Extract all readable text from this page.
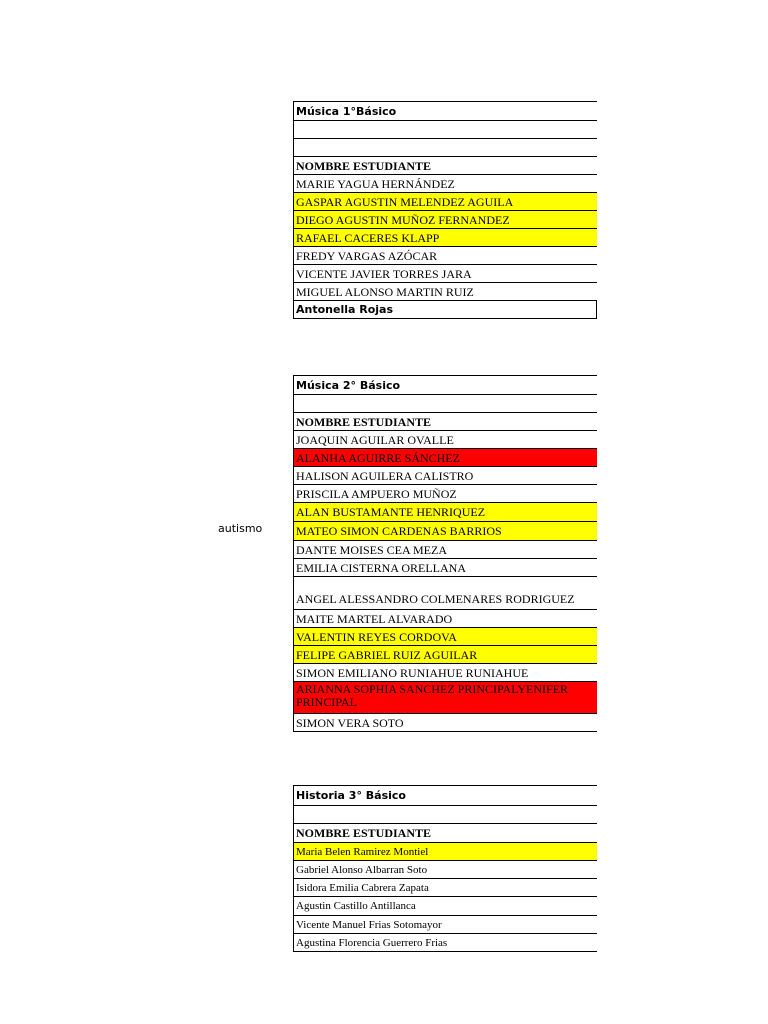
Música 1°Básico
NOMBRE ESTUDIANTE
MARIE YAGUA HERNÁNDEZ
GASPAR AGUSTIN MELENDEZ AGUILA
DIEGO AGUSTIN MUÑOZ FERNANDEZ
RAFAEL CACERES KLAPP
FREDY VARGAS AZÓCAR
VICENTE JAVIER TORRES JARA
MIGUEL ALONSO MARTIN RUIZ
Antonella Rojas
Música 2° Básico
NOMBRE ESTUDIANTE
JOAQUIN AGUILAR OVALLE
ALANHA AGUIRRE SÁNCHEZ
HALISON AGUILERA CALISTRO
PRISCILA AMPUERO MUÑOZ
ALAN BUSTAMANTE HENRIQUEZ
MATEO SIMON CARDENAS BARRIOS
DANTE MOISES CEA MEZA
EMILIA CISTERNA ORELLANA
ANGEL ALESSANDRO COLMENARES RODRIGUEZ
MAITE MARTEL ALVARADO
VALENTIN REYES CORDOVA
FELIPE GABRIEL RUIZ AGUILAR
SIMON EMILIANO RUNIAHUE RUNIAHUE
ARIANNA SOPHIA SANCHEZ PRINCIPALYENIFER PRINCIPAL
SIMON VERA SOTO
autismo
Historia 3° Básico
NOMBRE ESTUDIANTE
Maria Belen Ramirez Montiel
Gabriel Alonso Albarran Soto
Isidora Emilia Cabrera Zapata
Agustin Castillo Antillanca
Vicente Manuel Frias Sotomayor
Agustina Florencia Guerrero Frias
